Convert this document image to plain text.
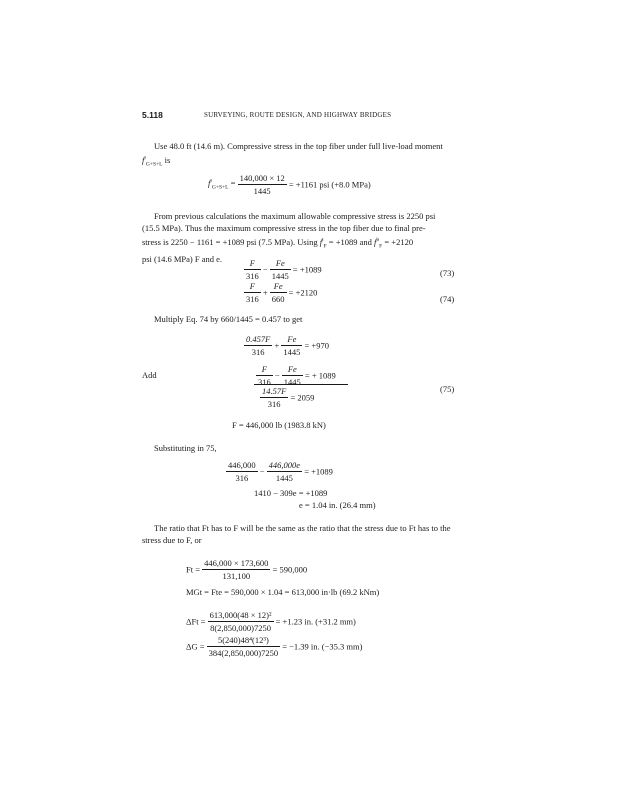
5.118	SURVEYING, ROUTE DESIGN, AND HIGHWAY BRIDGES

Use 48.0 ft (14.6 m). Compressive stress in the top fiber under full live-load moment

$f^t_{G+S+L}$ is

$f^t_{G+S+L} = \frac{140,000 \times 12}{1445} = +1161$ psi (+8.0 MPa)

From previous calculations the maximum allowable compressive stress is 2250 psi

(15.5 MPa). Thus the maximum compressive stress in the top fiber due to final pre-

stress is 2250 − 1161 = +1089 psi (7.5 MPa). Using $f^t_F = +1089$ and $f^b_F = +2120$

psi (14.6 MPa) F and e.	$\frac{F}{316} - \frac{Fe}{1445} = +1089$	(73)
$\frac{F}{316} + \frac{Fe}{660} = +2120$
(74)

Multiply Eq. 74 by 660/1445 = 0.457 to get

$\frac{0.457F}{316} + \frac{Fe}{1445} = +970$
Add	$\frac{F}{316} - \frac{Fe}{1445}$ = + 1089
$\frac{14.57F}{316} = 2059$
(75)
F = 446,000 lb (1983.8 kN)

Substituting in 75,

$\frac{446,000}{316} - \frac{446,000e}{1445} = +1089$
1410 − 309e = +1089
e = 1.04 in. (26.4 mm)

The ratio that Ft has to F will be the same as the ratio that the stress due to Ft has to the

stress due to F, or

$Ft = \frac{446,000 \times 173,600}{131,100} = 590,000$
MGt = Fte = 590,000 × 1.04 = 613,000 in·lb (69.2 kNm)
$\Delta Ft = \frac{\text{613,000(48 × 12)²}}{8(2,850,000)7250} = +1.23$ in. (+31.2 mm)
$\Delta G = \frac{\text{5(240)48⁴(12³)}}{384(2,850,000)7250} = -1.39$ in. (−35.3 mm)
